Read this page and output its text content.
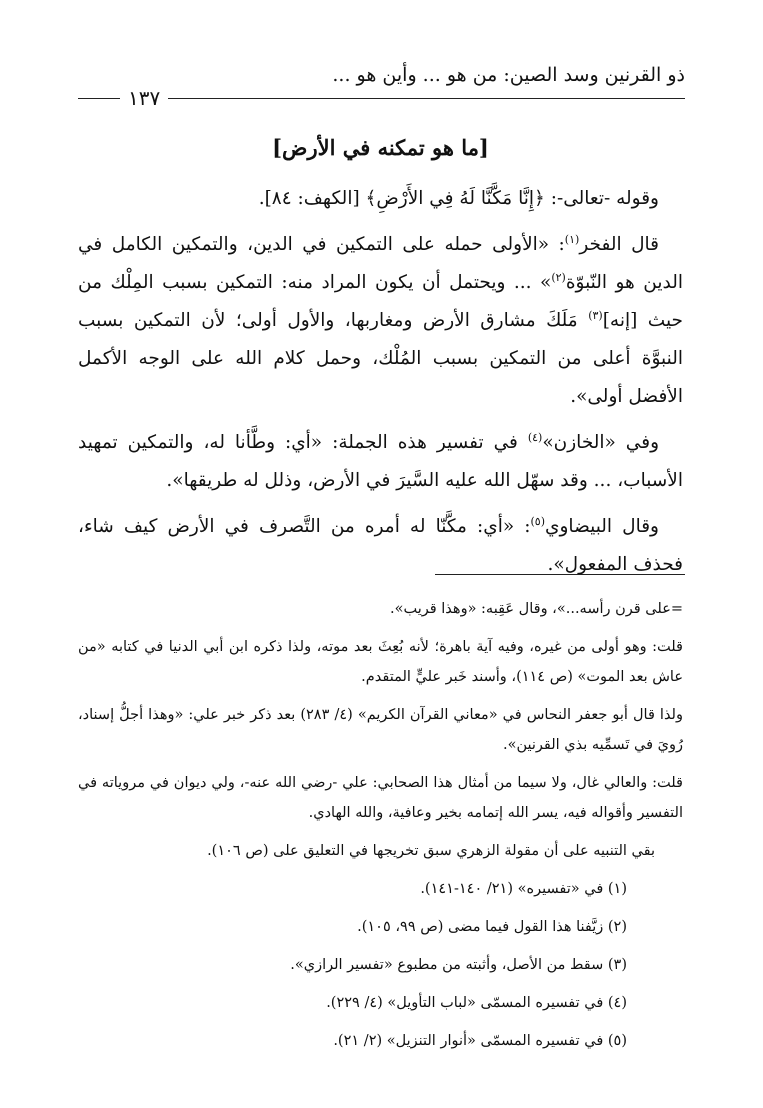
ذو القرنين وسد الصين: من هو ... وأين هو ...
١٣٧
[ما هو تمكنه في الأرض]

وقوله -تعالى-: ﴿إِنَّا مَكَّنَّا لَهُ فِي الأَرْضِ﴾ [الكهف: ٨٤].

قال الفخر$^{(١)}$: «الأولى حمله على التمكين في الدين، والتمكين الكامل في الدين هو النّبوّة$^{(٢)}$» ... ويحتمل أن يكون المراد منه: التمكين بسبب المِلْك من حيث [إنه]$^{(٣)}$ مَلَكَ مشارق الأرض ومغاربها، والأول أولى؛ لأن التمكين بسبب النبوَّة أعلى من التمكين بسبب المُلْك، وحمل كلام الله على الوجه الأكمل الأفضل أولى».

وفي «الخازن»$^{(٤)}$ في تفسير هذه الجملة: «أي: وطَّأنا له، والتمكين تمهيد الأسباب، ... وقد سهّل الله عليه السَّيرَ في الأرض، وذلل له طريقها».

وقال البيضاوي$^{(٥)}$: «أي: مكَّنّا له أمره من التَّصرف في الأرض كيف شاء، فحذف المفعول».

=على قرن رأسه...»، وقال عَقِبه: «وهذا قريب».

قلت: وهو أولى من غيره، وفيه آية باهرة؛ لأنه بُعِثَ بعد موته، ولذا ذكره ابن أبي الدنيا في كتابه «من عاش بعد الموت» (ص ١١٤)، وأسند خَبر عليٍّ المتقدم.

ولذا قال أبو جعفر النحاس في «معاني القرآن الكريم» (٤/ ٢٨٣) بعد ذكر خبر علي: «وهذا أجلُّ إسناد، رُويَ في تَسمِّيه بذي القرنين».

قلت: والعالي غال، ولا سيما من أمثال هذا الصحابي: علي -رضي الله عنه-، ولي ديوان في مروياته في التفسير وأقواله فيه، يسر الله إتمامه بخير وعافية، والله الهادي.

بقي التنبيه على أن مقولة الزهري سبق تخريجها في التعليق على (ص ١٠٦).

(١) في «تفسيره» (٢١/ ١٤٠-١٤١).
(٢) زيَّفنا هذا القول فيما مضى (ص ٩٩، ١٠٥).
(٣) سقط من الأصل، وأثبته من مطبوع «تفسير الرازي».
(٤) في تفسيره المسمّى «لباب التأويل» (٤/ ٢٢٩).
(٥) في تفسيره المسمّى «أنوار التنزيل» (٢/ ٢١).
